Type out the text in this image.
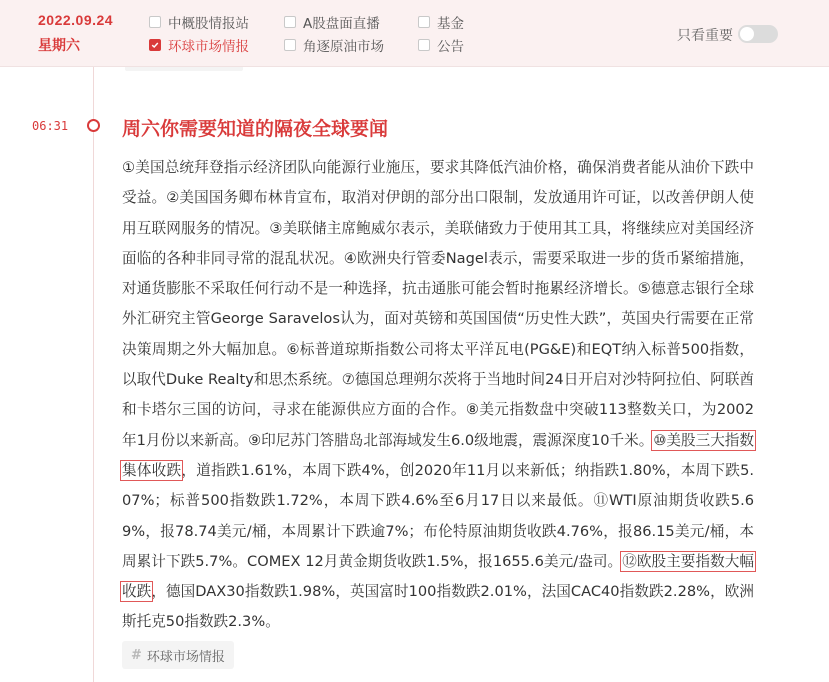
2022.09.24
星期六
中概股情报站	A股盘面直播	基金
环球市场情报	角逐原油市场	公告
只看重要
06:31	周六你需要知道的隔夜全球要闻

①美国总统拜登指示经济团队向能源行业施压，要求其降低汽油价格，确保消费者能从油价下跌中受益。②美国国务卿布林肯宣布，取消对伊朗的部分出口限制，发放通用许可证，以改善伊朗人使用互联网服务的情况。③美联储主席鲍威尔表示，美联储致力于使用其工具，将继续应对美国经济面临的各种非同寻常的混乱状况。④欧洲央行管委Nagel表示，需要采取进一步的货币紧缩措施，对通货膨胀不采取任何行动不是一种选择，抗击通胀可能会暂时拖累经济增长。⑤德意志银行全球外汇研究主管George Saravelos认为，面对英镑和英国国债“历史性大跌”，英国央行需要在正常决策周期之外大幅加息。⑥标普道琼斯指数公司将太平洋瓦电(PG&E)和EQT纳入标普500指数，以取代Duke Realty和思杰系统。⑦德国总理朔尔茨将于当地时间24日开启对沙特阿拉伯、阿联酋和卡塔尔三国的访问，寻求在能源供应方面的合作。⑧美元指数盘中突破113整数关口，为2002年1月份以来新高。⑨印尼苏门答腊岛北部海域发生6.0级地震，震源深度10千米。⑩美股三大指数集体收跌，道指跌1.61%，本周下跌4%，创2020年11月以来新低；纳指跌1.80%，本周下跌5.07%；标普500指数跌1.72%，本周下跌4.6%至6月17日以来最低。⑪WTI原油期货收跌5.69%，报78.74美元/桶，本周累计下跌逾7%；布伦特原油期货收跌4.76%，报86.15美元/桶，本周累计下跌5.7%。COMEX 12月黄金期货收跌1.5%，报1655.6美元/盎司。⑫欧股主要指数大幅收跌，德国DAX30指数跌1.98%，英国富时100指数跌2.01%，法国CAC40指数跌2.28%，欧洲斯托克50指数跌2.3%。

# 环球市场情报
